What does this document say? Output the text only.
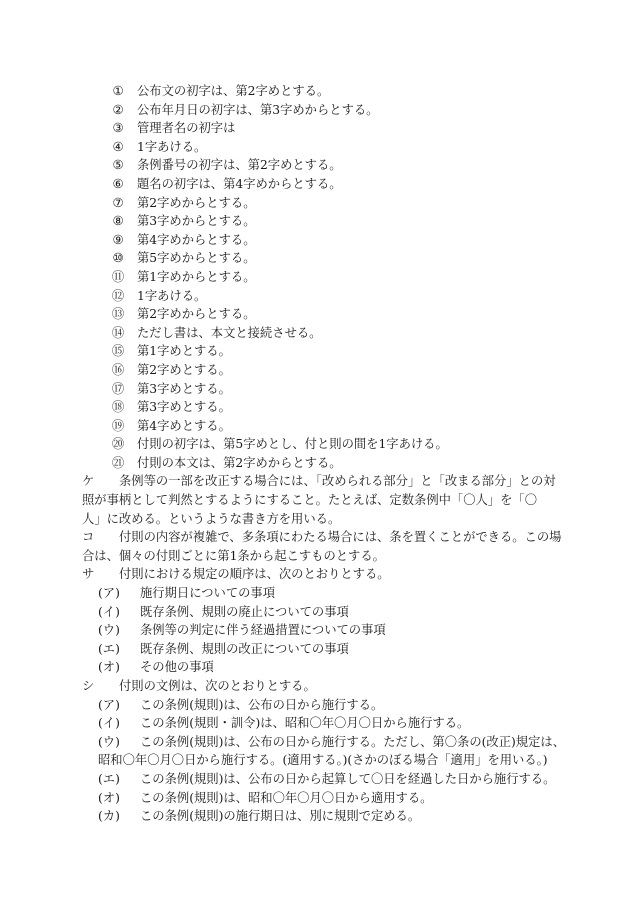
① 公布文の初字は、第2字めとする。
② 公布年月日の初字は、第3字めからとする。
③ 管理者名の初字は
④ 1字あける。
⑤ 条例番号の初字は、第2字めとする。
⑥ 題名の初字は、第4字めからとする。
⑦ 第2字めからとする。
⑧ 第3字めからとする。
⑨ 第4字めからとする。
⑩ 第5字めからとする。
⑪ 第1字めからとする。
⑫ 1字あける。
⑬ 第2字めからとする。
⑭ ただし書は、本文と接続させる。
⑮ 第1字めとする。
⑯ 第2字めとする。
⑰ 第3字めとする。
⑱ 第3字めとする。
⑲ 第4字めとする。
⑳ 付則の初字は、第5字めとし、付と則の間を1字あける。
㉑ 付則の本文は、第2字めからとする。
ケ 条例等の一部を改正する場合には、「改められる部分」と「改まる部分」との対
照が事柄として判然とするようにすること。たとえば、定数条例中「〇人」を「〇
人」に改める。というような書き方を用いる。
コ 付則の内容が複雑で、多条項にわたる場合には、条を置くことができる。この場
合は、個々の付則ごとに第1条から起こすものとする。
サ 付則における規定の順序は、次のとおりとする。
(ア) 施行期日についての事項
(イ) 既存条例、規則の廃止についての事項
(ウ) 条例等の判定に伴う経過措置についての事項
(エ) 既存条例、規則の改正についての事項
(オ) その他の事項
シ 付則の文例は、次のとおりとする。
(ア) この条例(規則)は、公布の日から施行する。
(イ) この条例(規則・訓令)は、昭和〇年〇月〇日から施行する。
(ウ) この条例(規則)は、公布の日から施行する。ただし、第〇条の(改正)規定は、
昭和〇年〇月〇日から施行する。(適用する。)(さかのぼる場合「適用」を用いる。)
(エ) この条例(規則)は、公布の日から起算して〇日を経過した日から施行する。
(オ) この条例(規則)は、昭和〇年〇月〇日から適用する。
(カ) この条例(規則)の施行期日は、別に規則で定める。
